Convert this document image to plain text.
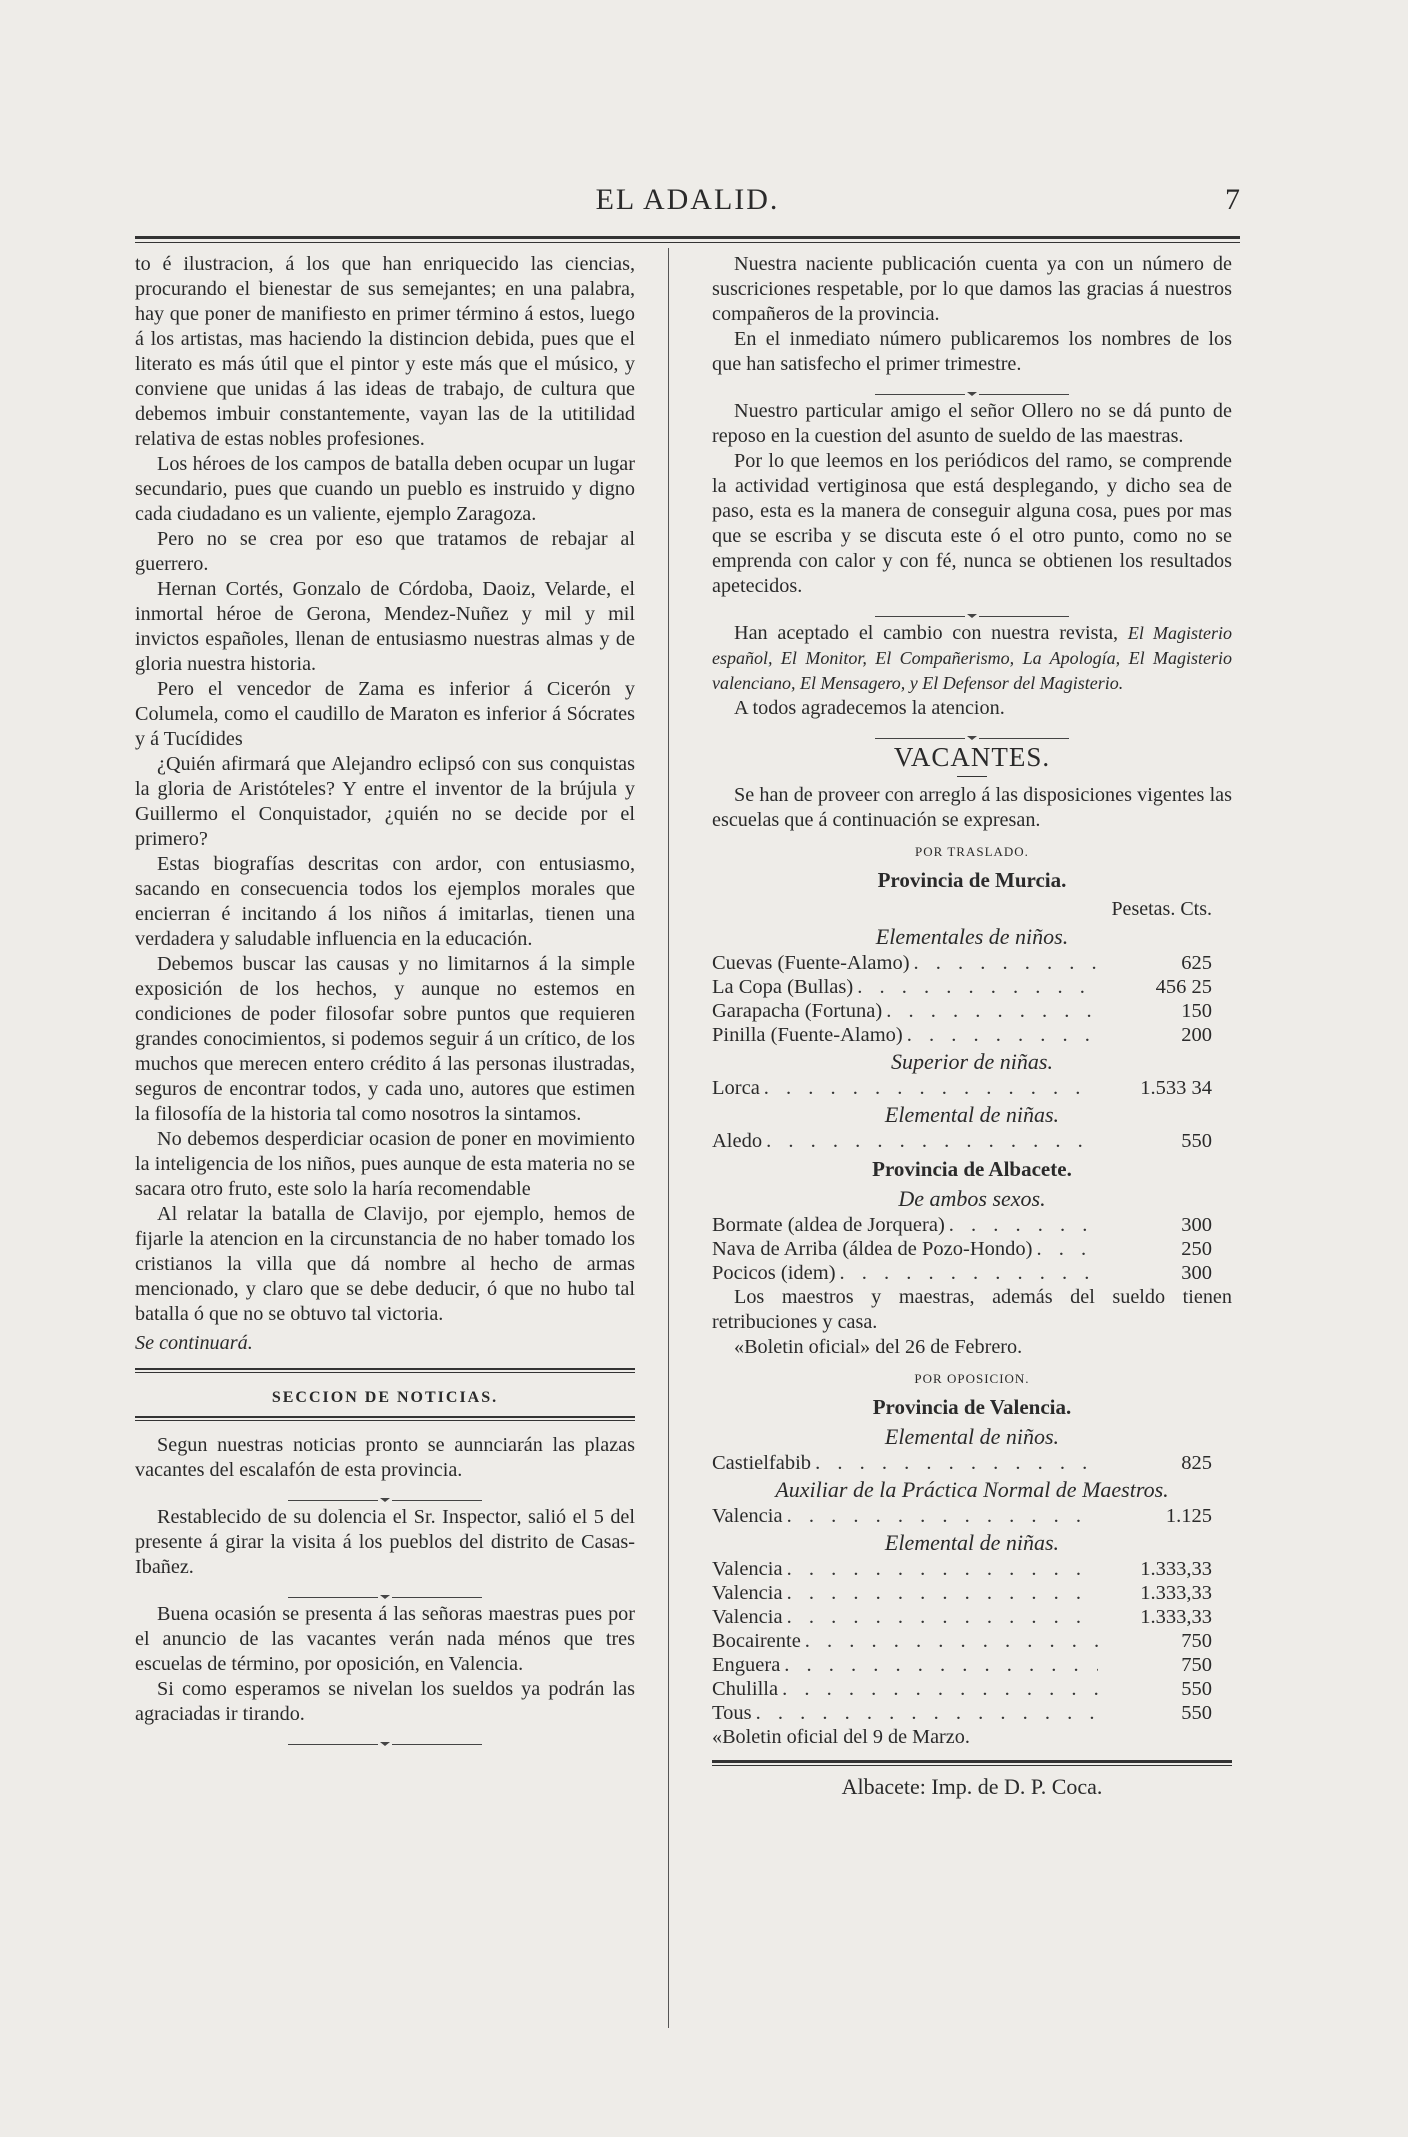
EL ADALID.	7

to é ilustracion, á los que han enriquecido las ciencias, procurando el bienestar de sus semejantes; en una palabra, hay que poner de manifiesto en primer término á estos, luego á los artistas, mas haciendo la distincion debida, pues que el literato es más útil que el pintor y este más que el músico, y conviene que unidas á las ideas de trabajo, de cultura que debemos imbuir constantemente, vayan las de la utitilidad relativa de estas nobles profesiones.

Los héroes de los campos de batalla deben ocupar un lugar secundario, pues que cuando un pueblo es instruido y digno cada ciudadano es un valiente, ejemplo Zaragoza.

Pero no se crea por eso que tratamos de rebajar al guerrero.

Hernan Cortés, Gonzalo de Córdoba, Daoiz, Velarde, el inmortal héroe de Gerona, Mendez-Nuñez y mil y mil invictos españoles, llenan de entusiasmo nuestras almas y de gloria nuestra historia.

Pero el vencedor de Zama es inferior á Cicerón y Columela, como el caudillo de Maraton es inferior á Sócrates y á Tucídides

¿Quién afirmará que Alejandro eclipsó con sus conquistas la gloria de Aristóteles? Y entre el inventor de la brújula y Guillermo el Conquistador, ¿quién no se decide por el primero?

Estas biografías descritas con ardor, con entusiasmo, sacando en consecuencia todos los ejemplos morales que encierran é incitando á los niños á imitarlas, tienen una verdadera y saludable influencia en la educación.

Debemos buscar las causas y no limitarnos á la simple exposición de los hechos, y aunque no estemos en condiciones de poder filosofar sobre puntos que requieren grandes conocimientos, si podemos seguir á un crítico, de los muchos que merecen entero crédito á las personas ilustradas, seguros de encontrar todos, y cada uno, autores que estimen la filosofía de la historia tal como nosotros la sintamos.

No debemos desperdiciar ocasion de poner en movimiento la inteligencia de los niños, pues aunque de esta materia no se sacara otro fruto, este solo la haría recomendable

Al relatar la batalla de Clavijo, por ejemplo, hemos de fijarle la atencion en la circunstancia de no haber tomado los cristianos la villa que dá nombre al hecho de armas mencionado, y claro que se debe deducir, ó que no hubo tal batalla ó que no se obtuvo tal victoria.

Se continuará.

SECCION DE NOTICIAS.

Segun nuestras noticias pronto se aunnciarán las plazas vacantes del escalafón de esta provincia.

Restablecido de su dolencia el Sr. Inspector, salió el 5 del presente á girar la visita á los pueblos del distrito de Casas-Ibañez.

Buena ocasión se presenta á las señoras maestras pues por el anuncio de las vacantes verán nada ménos que tres escuelas de término, por oposición, en Valencia.

Si como esperamos se nivelan los sueldos ya podrán las agraciadas ir tirando.

Nuestra naciente publicación cuenta ya con un número de suscriciones respetable, por lo que damos las gracias á nuestros compañeros de la provincia.

En el inmediato número publicaremos los nombres de los que han satisfecho el primer trimestre.

Nuestro particular amigo el señor Ollero no se dá punto de reposo en la cuestion del asunto de sueldo de las maestras.

Por lo que leemos en los periódicos del ramo, se comprende la actividad vertiginosa que está desplegando, y dicho sea de paso, esta es la manera de conseguir alguna cosa, pues por mas que se escriba y se discuta este ó el otro punto, como no se emprenda con calor y con fé, nunca se obtienen los resultados apetecidos.

Han aceptado el cambio con nuestra revista, El Magisterio español, El Monitor, El Compañerismo, La Apología, El Magisterio valenciano, El Mensagero, y El Defensor del Magisterio.

A todos agradecemos la atencion.

VACANTES.

Se han de proveer con arreglo á las disposiciones vigentes las escuelas que á continuación se expresan.

POR TRASLADO.
Provincia de Murcia.
Pesetas. Cts.
Elementales de niños.
Cuevas (Fuente-Alamo) . . .	625
La Copa (Bullas) . . .	456 25
Garapacha (Fortuna) . . .	150
Pinilla (Fuente-Alamo) . . .	200
Superior de niñas.
Lorca . . .	1.533 34
Elemental de niñas.
Aledo . . .	550
Provincia de Albacete.
De ambos sexos.
Bormate (aldea de Jorquera) . . .	300
Nava de Arriba (áldea de Pozo-Hondo) . . .	250
Pocicos (idem) . . .	300

Los maestros y maestras, además del sueldo tienen retribuciones y casa.

«Boletin oficial» del 26 de Febrero.

POR OPOSICION.
Provincia de Valencia.
Elemental de niños.
Castielfabib . . .	825
Auxiliar de la Práctica Normal de Maestros.
Valencia . . .	1.125
Elemental de niñas.
Valencia . . .	1.333,33
Valencia . . .	1.333,33
Valencia . . .	1.333,33
Bocairente . . .	750
Enguera . . .	750
Chulilla . . .	550
Tous . . .	550

«Boletin oficial del 9 de Marzo.

Albacete: Imp. de D. P. Coca.
